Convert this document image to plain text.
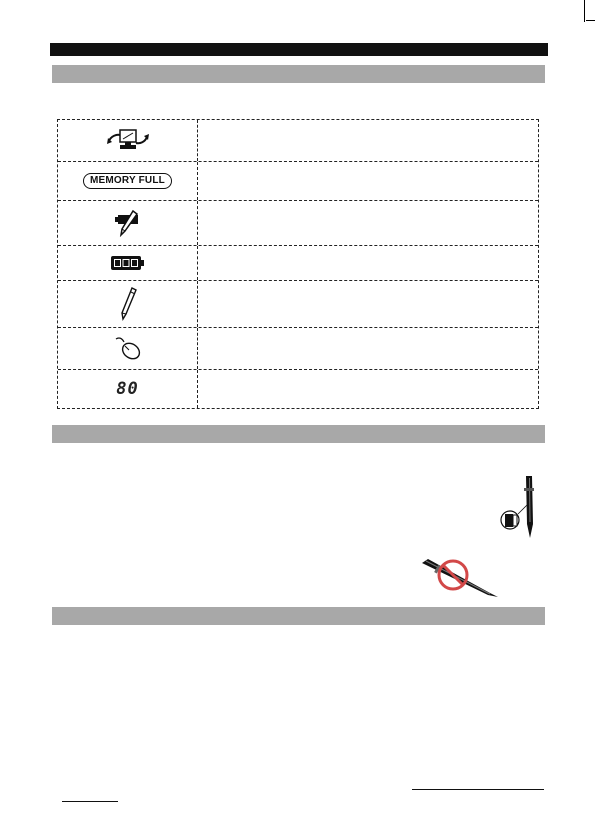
MEMORY FULL
80
